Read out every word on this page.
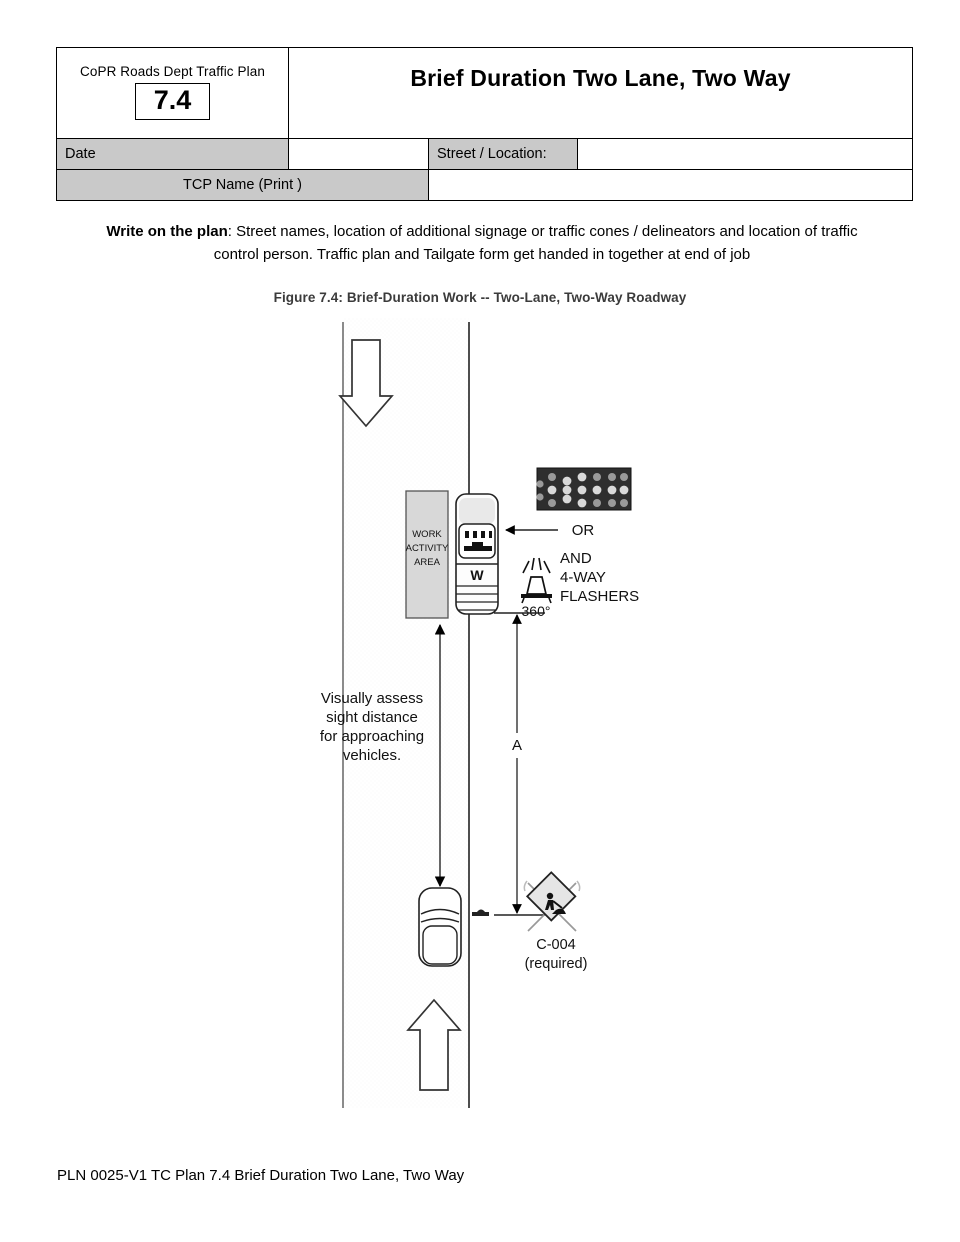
CoPR Roads Dept Traffic Plan
7.4	
Brief Duration Two Lane, Two Way

Date			Street / Location:	

TCP Name (Print )	
Write on the plan: Street names, location of additional signage or traffic cones / delineators and location of traffic
control person. Traffic plan and Tailgate form get handed in together at end of job
Figure 7.4: Brief-Duration Work -- Two-Lane, Two-Way Roadway
WORK
ACTIVITY
AREA
W
OR
360°
AND
4-WAY
FLASHERS
Visually assess
sight distance
for approaching
vehicles.
A
C-004
(required)
PLN 0025-V1 TC Plan 7.4 Brief Duration Two Lane, Two Way
